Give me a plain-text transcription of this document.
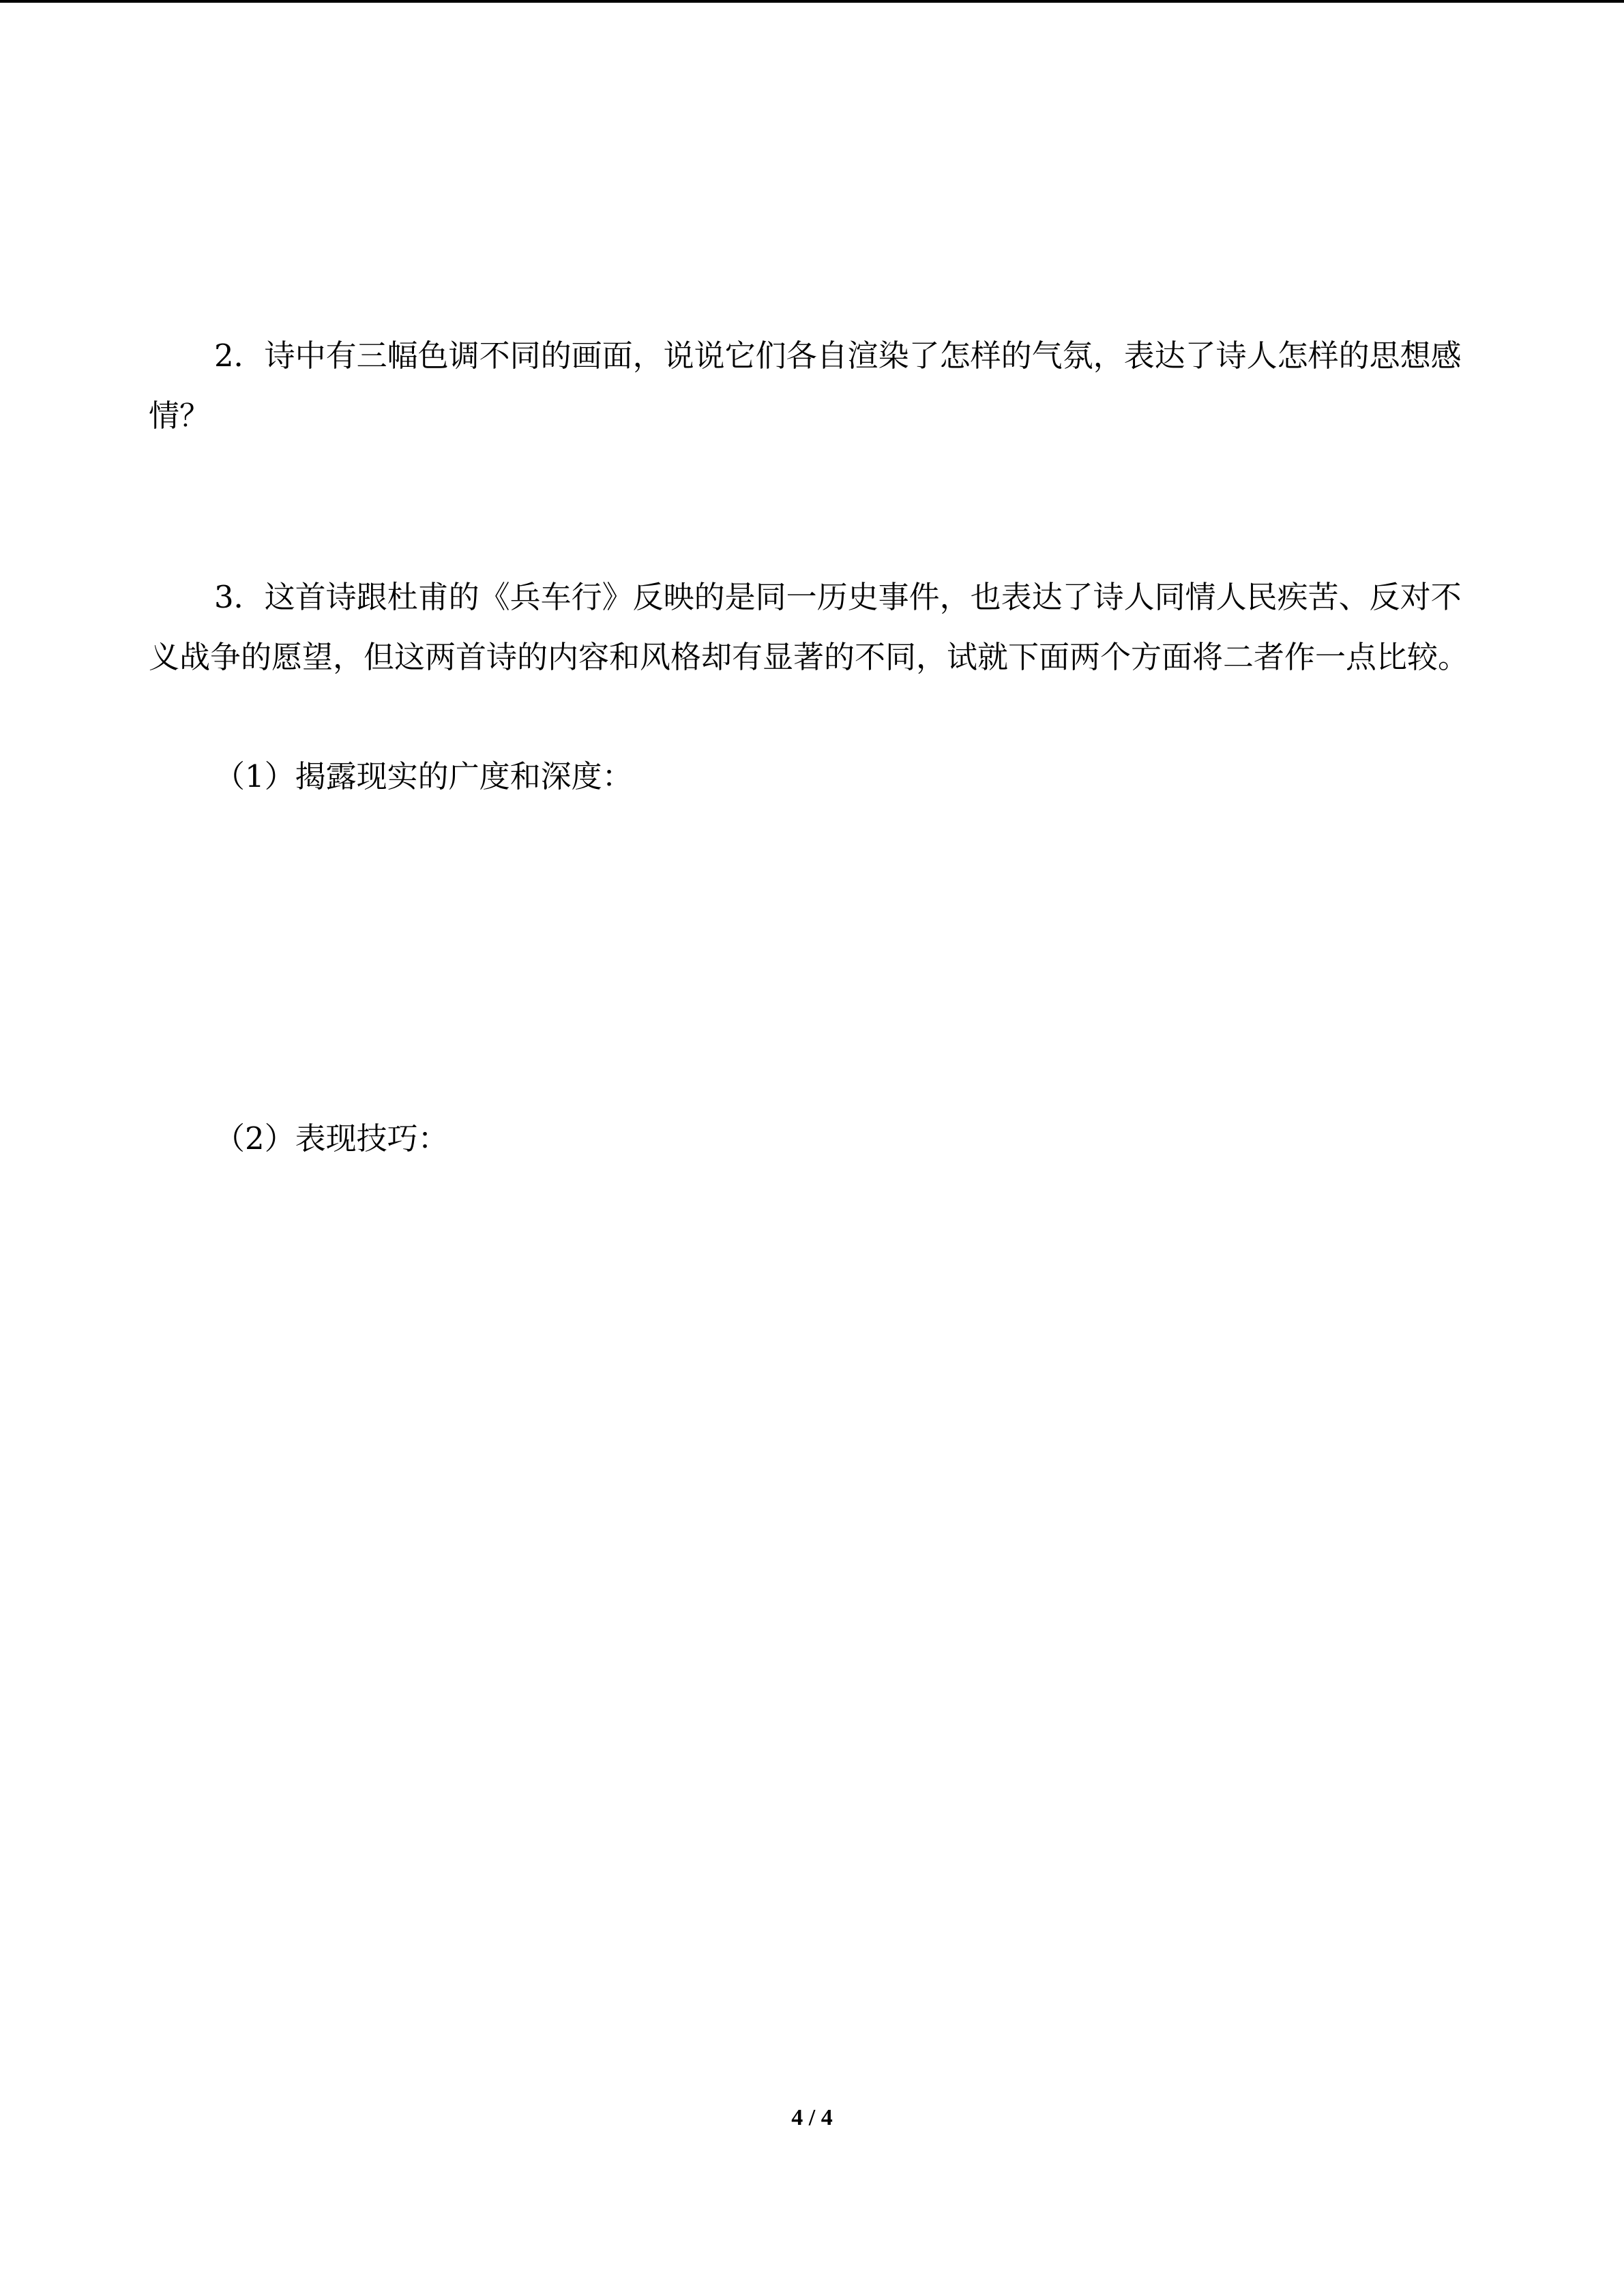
2．诗中有三幅色调不同的画面，说说它们各自渲染了怎样的气氛，表达了诗人怎样的思想感情？

3．这首诗跟杜甫的《兵车行》反映的是同一历史事件，也表达了诗人同情人民疾苦、反对不义战争的愿望，但这两首诗的内容和风格却有显著的不同，试就下面两个方面将二者作一点比较。

（1）揭露现实的广度和深度：

（2）表现技巧：

4 / 4
